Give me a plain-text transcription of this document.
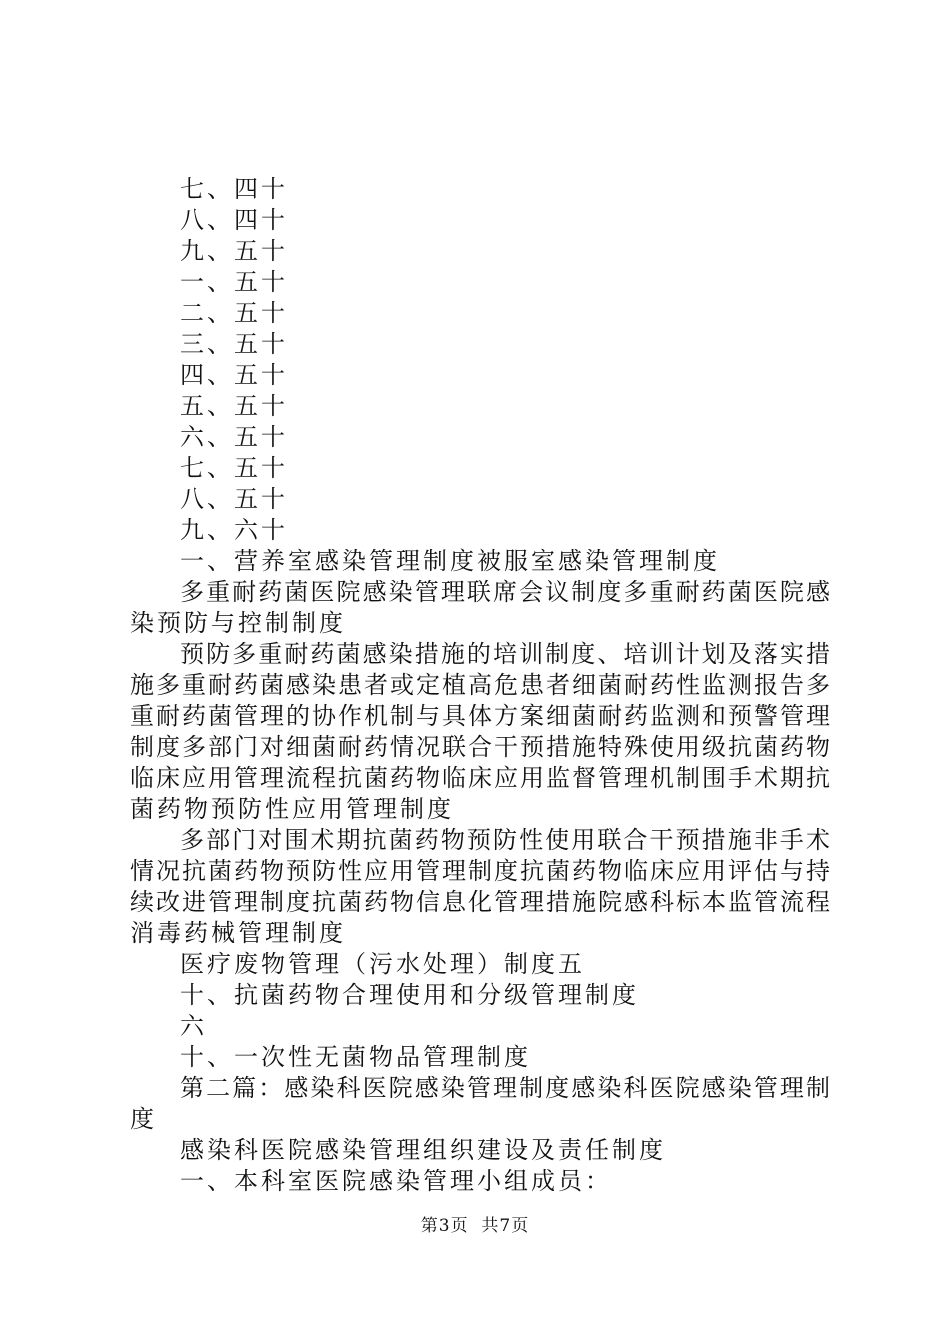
七、四十
八、四十
九、五十
一、五十
二、五十
三、五十
四、五十
五、五十
六、五十
七、五十
八、五十
九、六十
一、营养室感染管理制度被服室感染管理制度
多重耐药菌医院感染管理联席会议制度多重耐药菌医院感
染预防与控制制度
预防多重耐药菌感染措施的培训制度、培训计划及落实措
施多重耐药菌感染患者或定植高危患者细菌耐药性监测报告多
重耐药菌管理的协作机制与具体方案细菌耐药监测和预警管理
制度多部门对细菌耐药情况联合干预措施特殊使用级抗菌药物
临床应用管理流程抗菌药物临床应用监督管理机制围手术期抗
菌药物预防性应用管理制度
多部门对围术期抗菌药物预防性使用联合干预措施非手术
情况抗菌药物预防性应用管理制度抗菌药物临床应用评估与持
续改进管理制度抗菌药物信息化管理措施院感科标本监管流程
消毒药械管理制度
医疗废物管理（污水处理）制度五
十、抗菌药物合理使用和分级管理制度
六
十、一次性无菌物品管理制度
第二篇：感染科医院感染管理制度感染科医院感染管理制
度
感染科医院感染管理组织建设及责任制度
一、本科室医院感染管理小组成员：
第3页  共7页
